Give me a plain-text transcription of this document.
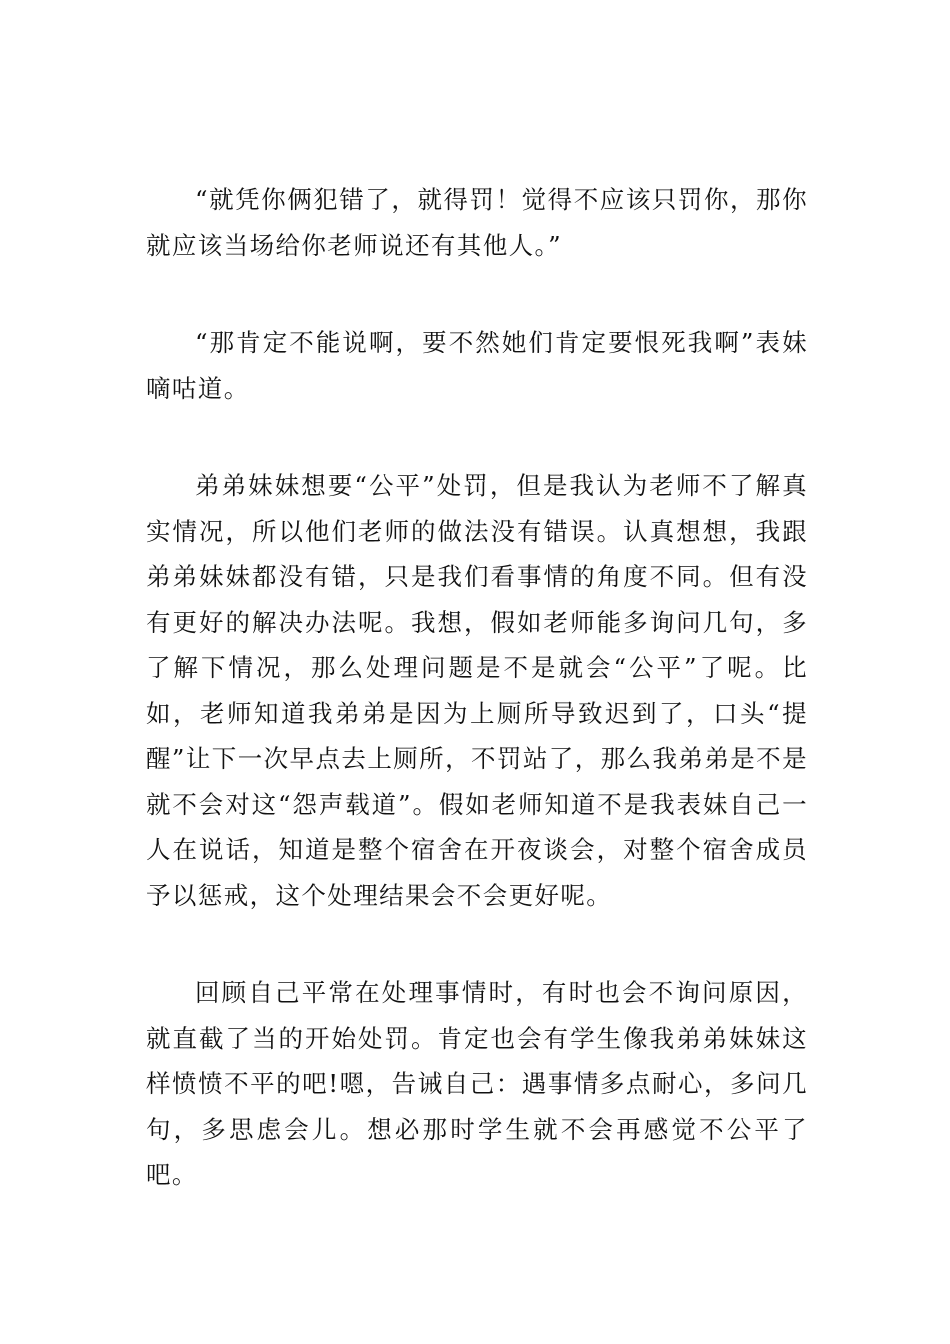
“就凭你俩犯错了，就得罚！觉得不应该只罚你，那你就应该当场给你老师说还有其他人。”

“那肯定不能说啊，要不然她们肯定要恨死我啊”表妹嘀咕道。

弟弟妹妹想要“公平”处罚，但是我认为老师不了解真实情况，所以他们老师的做法没有错误。认真想想，我跟弟弟妹妹都没有错，只是我们看事情的角度不同。但有没有更好的解决办法呢。我想，假如老师能多询问几句，多了解下情况，那么处理问题是不是就会“公平”了呢。比如，老师知道我弟弟是因为上厕所导致迟到了，口头“提醒”让下一次早点去上厕所，不罚站了，那么我弟弟是不是就不会对这“怨声载道”。假如老师知道不是我表妹自己一人在说话，知道是整个宿舍在开夜谈会，对整个宿舍成员予以惩戒，这个处理结果会不会更好呢。

回顾自己平常在处理事情时，有时也会不询问原因，就直截了当的开始处罚。肯定也会有学生像我弟弟妹妹这样愤愤不平的吧!嗯，告诫自己：遇事情多点耐心，多问几句，多思虑会儿。想必那时学生就不会再感觉不公平了吧。
